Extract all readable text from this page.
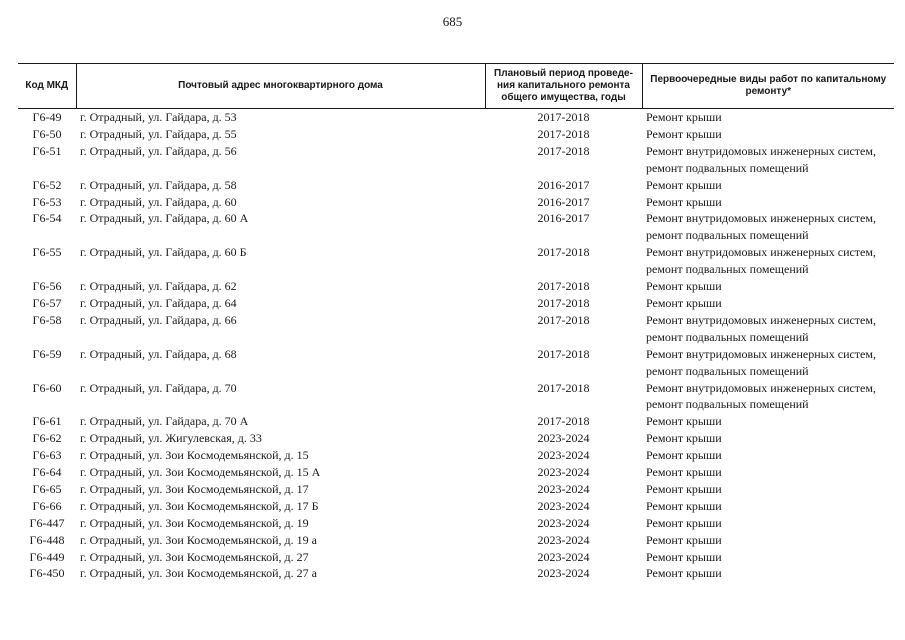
685
Код МКД	Почтовый адрес многоквартирного дома	Плановый период проведе-ния капитального ремонта общего имущества, годы	Первоочередные виды работ по капитальному ремонту*
Г6-49	г. Отрадный, ул. Гайдара, д. 53	2017-2018	Ремонт крыши

Г6-50	г. Отрадный, ул. Гайдара, д. 55	2017-2018	Ремонт крыши

Г6-51	г. Отрадный, ул. Гайдара, д. 56	2017-2018	Ремонт внутридомовых инженерных систем,
ремонт подвальных помещений

Г6-52	г. Отрадный, ул. Гайдара, д. 58	2016-2017	Ремонт крыши

Г6-53	г. Отрадный, ул. Гайдара, д. 60	2016-2017	Ремонт крыши

Г6-54	г. Отрадный, ул. Гайдара, д. 60 А	2016-2017	Ремонт внутридомовых инженерных систем,
ремонт подвальных помещений

Г6-55	г. Отрадный, ул. Гайдара, д. 60 Б	2017-2018	Ремонт внутридомовых инженерных систем,
ремонт подвальных помещений

Г6-56	г. Отрадный, ул. Гайдара, д. 62	2017-2018	Ремонт крыши

Г6-57	г. Отрадный, ул. Гайдара, д. 64	2017-2018	Ремонт крыши

Г6-58	г. Отрадный, ул. Гайдара, д. 66	2017-2018	Ремонт внутридомовых инженерных систем,
ремонт подвальных помещений

Г6-59	г. Отрадный, ул. Гайдара, д. 68	2017-2018	Ремонт внутридомовых инженерных систем,
ремонт подвальных помещений

Г6-60	г. Отрадный, ул. Гайдара, д. 70	2017-2018	Ремонт внутридомовых инженерных систем,
ремонт подвальных помещений

Г6-61	г. Отрадный, ул. Гайдара, д. 70 А	2017-2018	Ремонт крыши

Г6-62	г. Отрадный, ул. Жигулевская, д. 33	2023-2024	Ремонт крыши

Г6-63	г. Отрадный, ул. Зои Космодемьянской, д. 15	2023-2024	Ремонт крыши

Г6-64	г. Отрадный, ул. Зои Космодемьянской, д. 15 А	2023-2024	Ремонт крыши

Г6-65	г. Отрадный, ул. Зои Космодемьянской, д. 17	2023-2024	Ремонт крыши

Г6-66	г. Отрадный, ул. Зои Космодемьянской, д. 17 Б	2023-2024	Ремонт крыши

Г6-447	г. Отрадный, ул. Зои Космодемьянской, д. 19	2023-2024	Ремонт крыши

Г6-448	г. Отрадный, ул. Зои Космодемьянской, д. 19 а	2023-2024	Ремонт крыши

Г6-449	г. Отрадный, ул. Зои Космодемьянской, д. 27	2023-2024	Ремонт крыши

Г6-450	г. Отрадный, ул. Зои Космодемьянской, д. 27 а	2023-2024	Ремонт крыши
